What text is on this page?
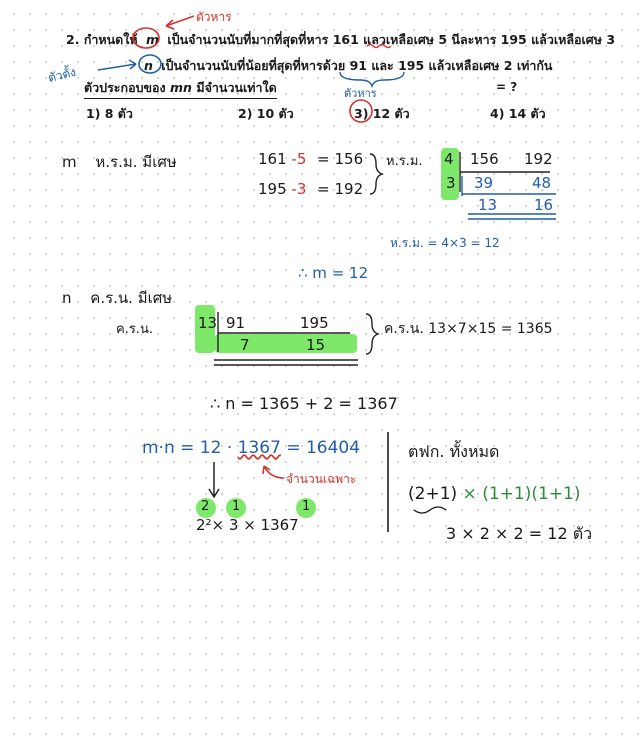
2. กำหนดให้ m เป็นจำนวนนับที่มากที่สุดที่หาร 161 แลวเหลือเศษ 5 นีละหาร 195 แล้วเหลือเศษ 3
n เป็นจำนวนนับที่น้อยที่สุดที่หารด้วย 91 และ 195 แล้วเหลือเศษ 2 เท่ากัน
ตัวประกอบของ mn มีจำนวนเท่าใด
1) 8 ตัว	2) 10 ตัว	3) 12 ตัว	4) 14 ตัว
= ?
ตัวหาร
ตัวตั้ง
ตัวหาร
m ห.ร.ม. มีเศษ	161 -5 = 156
195 -3 = 192
ห.ร.ม. 4 156 192
3 39	48
13 16
ห.ร.ม. = 4×3 = 12
∴ m = 12
n ค.ร.น. มีเศษ
ค.ร.น.	13 91	195
7	15
ค.ร.น. 13×7×15 = 1365
∴ n = 1365 + 2 = 1367
m·n = 12 · 1367 = 16404
จำนวนเฉพาะ
2 1	1
2²× 3 × 1367
ตฟก. ทั้งหมด
(2+1) × (1+1)(1+1)
3 × 2 × 2 = 12 ตัว
